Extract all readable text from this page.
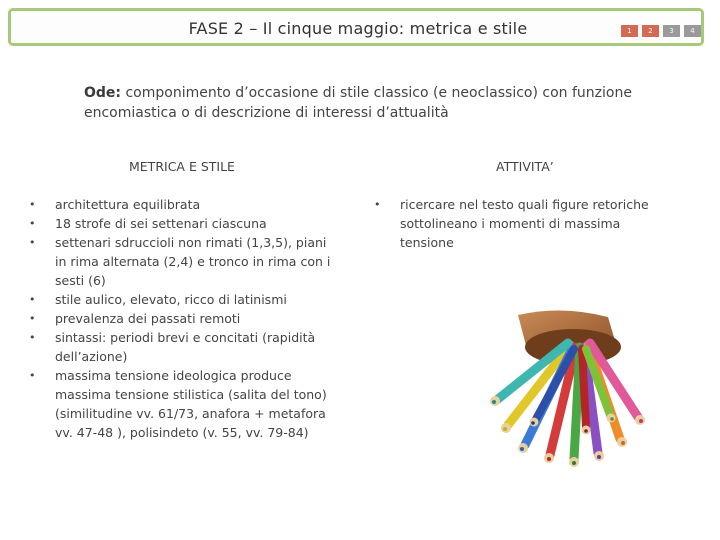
FASE 2 – Il cinque maggio: metrica e stile	1	2	3	4
Ode: componimento d’occasione di stile classico (e neoclassico) con funzione encomiastica o di descrizione di interessi d’attualità
METRICA E STILE	ATTIVITA’
• architettura equilibrata
• 18 strofe di sei settenari ciascuna
• settenari sdruccioli non rimati (1,3,5), piani in rima alternata (2,4) e tronco in rima con i sesti (6)
• stile aulico, elevato, ricco di latinismi
• prevalenza dei passati remoti
• sintassi: periodi brevi e concitati (rapidità dell’azione)
• massima tensione ideologica produce massima tensione stilistica (salita del tono) (similitudine vv. 61/73, anafora + metafora vv. 47-48 ), polisindeto (v. 55, vv. 79-84)
• ricercare nel testo quali figure retoriche sottolineano i momenti di massima tensione
